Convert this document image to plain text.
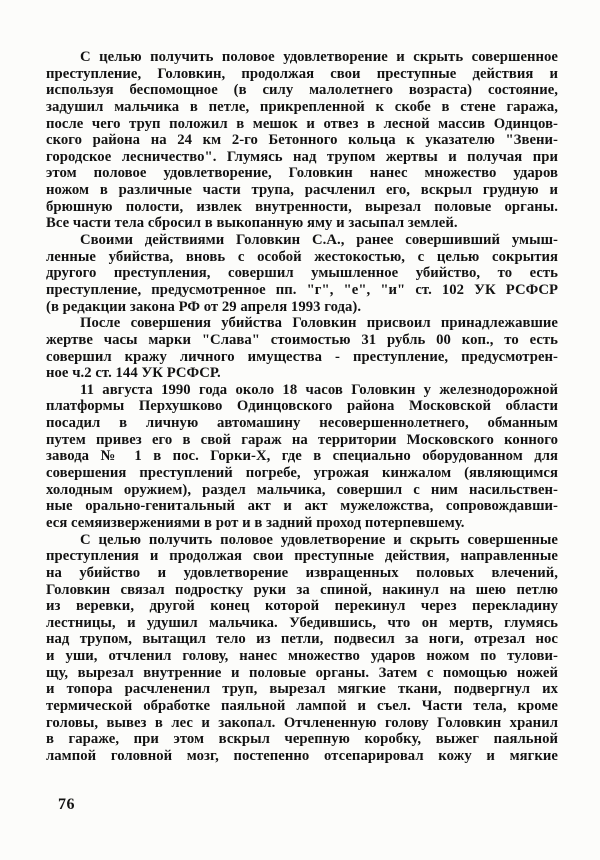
С целью получить половое удовлетворение и скрыть совершенное
преступление, Головкин, продолжая свои преступные действия и
используя беспомощное (в силу малолетнего возраста) состояние,
задушил мальчика в петле, прикрепленной к скобе в стене гаража,
после чего труп положил в мешок и отвез в лесной массив Одинцов-
ского района на 24 км 2-го Бетонного кольца к указателю "Звени-
городское лесничество". Глумясь над трупом жертвы и получая при
этом половое удовлетворение, Головкин нанес множество ударов
ножом в различные части трупа, расчленил его, вскрыл грудную и
брюшную полости, извлек внутренности, вырезал половые органы.
Все части тела сбросил в выкопанную яму и засыпал землей.
Своими действиями Головкин С.А., ранее совершивший умыш-
ленные убийства, вновь с особой жестокостью, с целью сокрытия
другого преступления, совершил умышленное убийство, то есть
преступление, предусмотренное пп. "г", "е", "и" ст. 102 УК РСФСР
(в редакции закона РФ от 29 апреля 1993 года).
После совершения убийства Головкин присвоил принадлежавшие
жертве часы марки "Слава" стоимостью 31 рубль 00 коп., то есть
совершил кражу личного имущества - преступление, предусмотрен-
ное ч.2 ст. 144 УК РСФСР.
11 августа 1990 года около 18 часов Головкин у железнодорожной
платформы Перхушково Одинцовского района Московской области
посадил в личную автомашину несовершеннолетнего, обманным
путем привез его в свой гараж на территории Московского конного
завода № 1 в пос. Горки-Х, где в специально оборудованном для
совершения преступлений погребе, угрожая кинжалом (являющимся
холодным оружием), раздел мальчика, совершил с ним насильствен-
ные орально-генитальный акт и акт мужеложства, сопровождавши-
еся семяизвержениями в рот и в задний проход потерпевшему.
С целью получить половое удовлетворение и скрыть совершенные
преступления и продолжая свои преступные действия, направленные
на убийство и удовлетворение извращенных половых влечений,
Головкин связал подростку руки за спиной, накинул на шею петлю
из веревки, другой конец которой перекинул через перекладину
лестницы, и удушил мальчика. Убедившись, что он мертв, глумясь
над трупом, вытащил тело из петли, подвесил за ноги, отрезал нос
и уши, отчленил голову, нанес множество ударов ножом по тулови-
щу, вырезал внутренние и половые органы. Затем с помощью ножей
и топора расчлененил труп, вырезал мягкие ткани, подвергнул их
термической обработке паяльной лампой и съел. Части тела, кроме
головы, вывез в лес и закопал. Отчлененную голову Головкин хранил
в гараже, при этом вскрыл черепную коробку, выжег паяльной
лампой головной мозг, постепенно отсепарировал кожу и мягкие
76
